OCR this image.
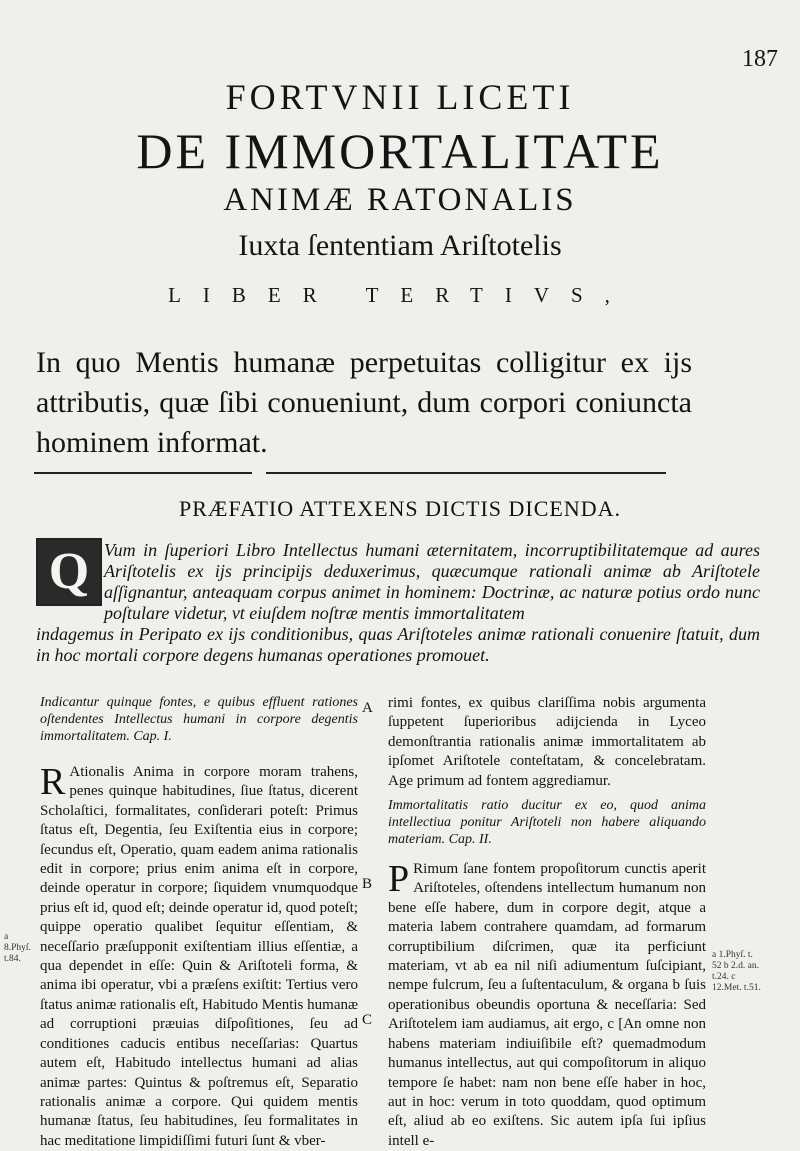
187
FORTVNII LICETI
DE IMMORTALITATE
ANIMÆ RATONALIS
Iuxta ſententiam Ariſtotelis
LIBER TERTIVS,
In quo Mentis humanæ perpetuitas colligitur ex ijs attributis, quæ ſibi conueniunt, dum corpori coniuncta hominem informat.
PRÆFATIO ATTEXENS DICTIS DICENDA.
Q Vum in ſuperiori Libro Intellectus humani æternitatem, incorruptibilitatemque ad aures Ariſtotelis ex ijs principijs deduxerimus, quæcumque rationali animæ ab Ariſtotele aſſignantur, anteaquam corpus animet in hominem: Doctrinæ, ac naturæ potius ordo nunc poſtulare videtur, vt eiuſdem noſtræ mentis immortalitatem
indagemus in Peripato ex ijs conditionibus, quas Ariſtoteles animæ rationali conuenire ſtatuit, dum in hoc mortali corpore degens humanas operationes promouet.
Indicantur quinque fontes, e quibus effluent rationes oſtendentes Intellectus humani in corpore degentis immortalitatem. Cap. I.
R Ationalis Anima in corpore moram trahens, penes quinque habitudines, ſiue ſtatus, dicerent Scholaſtici, formalitates, conſiderari poteſt: Primus ſtatus eſt, Degentia, ſeu Exiſtentia eius in corpore; ſecundus eſt, Operatio, quam eadem anima rationalis edit in corpore; prius enim anima eſt in corpore, deinde operatur in corpore; ſiquidem vnumquodque prius eſt id, quod eſt; deinde operatur id, quod poteſt; quippe operatio qualibet ſequitur eſſentiam, & neceſſario præſupponit exiſtentiam illius eſſentiæ, a qua dependet in eſſe: Quin & Ariſtoteli forma, & anima ibi operatur, vbi a præſens exiſtit: Tertius vero ſtatus animæ rationalis eſt, Habitudo Mentis humanæ ad corruptioni præuias diſpoſitiones, ſeu ad conditiones caducis entibus neceſſarias: Quartus autem eſt, Habitudo intellectus humani ad alias animæ partes: Quintus & poſtremus eſt, Separatio rationalis animæ a corpore. Qui quidem mentis humanæ ſtatus, ſeu habitudines, ſeu formalitates in hac meditatione limpidiſſimi futuri ſunt & vber-
rimi fontes, ex quibus clariſſima nobis argumenta ſuppetent ſuperioribus adijcienda in Lyceo demonſtrantia rationalis animæ immortalitatem ab ipſomet Ariſtotele conteſtatam, & concelebratam. Age primum ad fontem aggrediamur.
Immortalitatis ratio ducitur ex eo, quod anima intellectiua ponitur Ariſtoteli non habere aliquando materiam. Cap. II.
P Rimum ſane fontem propoſitorum cunctis aperit Ariſtoteles, oſtendens intellectum humanum non bene eſſe habere, dum in corpore degit, atque a materia labem contrahere quamdam, ad formarum corruptibilium diſcrimen, quæ ita perficiunt materiam, vt ab ea nil niſi adiumentum ſuſcipiant, nempe fulcrum, ſeu a ſuſtentaculum, & organa b ſuis operationibus obeundis oportuna & neceſſaria: Sed Ariſtotelem iam audiamus, ait ergo, c [An omne non habens materiam indiuiſibile eſt? quemadmodum humanus intellectus, aut qui compoſitorum in aliquo tempore ſe habet: nam non bene eſſe haber in hoc, aut in hoc: verum in toto quoddam, quod optimum eſt, aliud ab eo exiſtens. Sic autem ipſa ſui ipſius intell e-
A
B
C
a 8.Phyſ. t.84.	a 1.Phyſ. t. 52 b 2.d. an. t.24. c 12.Met. t.51.
